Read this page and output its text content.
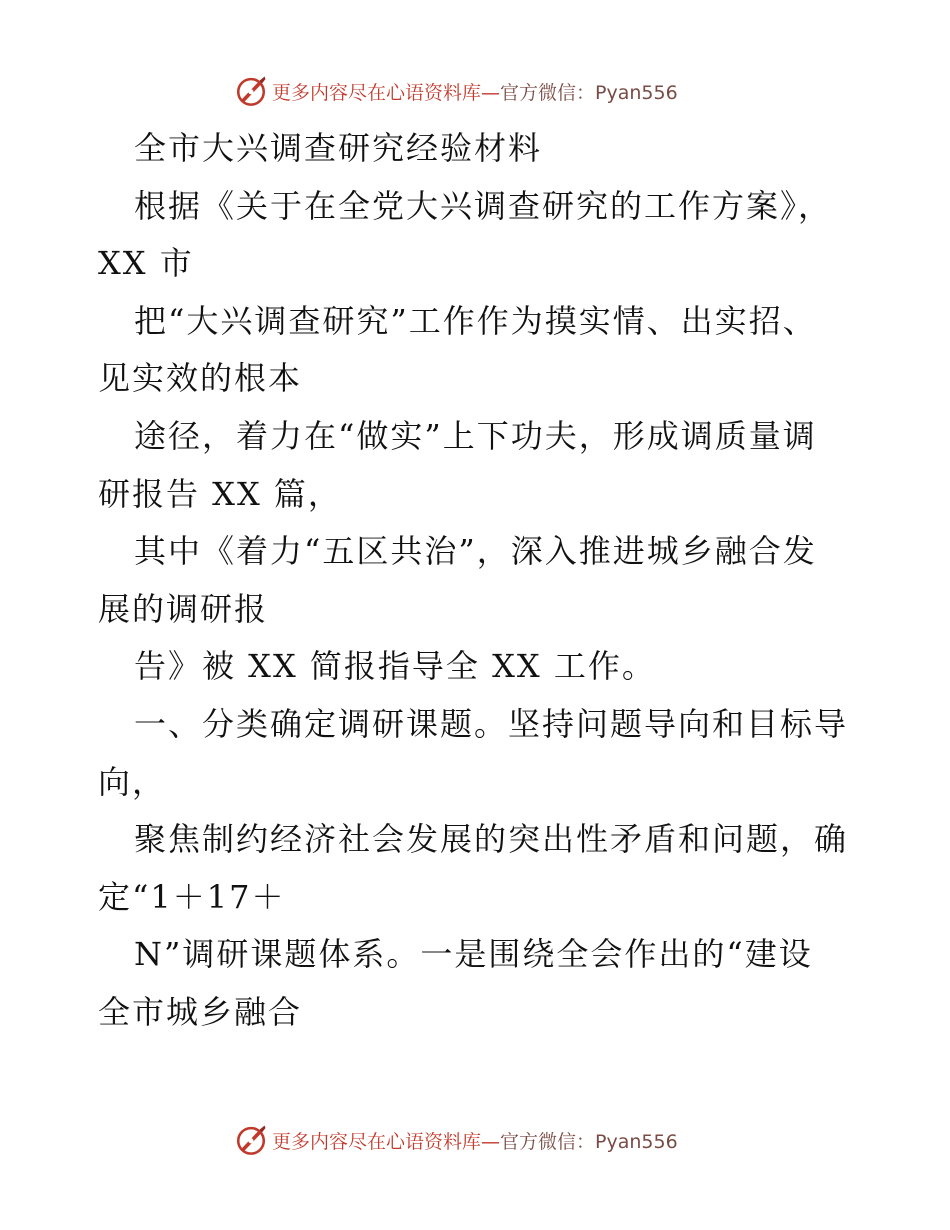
更多内容尽在心语资料库—官方微信：Pyan556
全市大兴调查研究经验材料
根据《关于在全党大兴调查研究的工作方案》，
XX 市
把“大兴调查研究”工作作为摸实情、出实招、
见实效的根本
途径，着力在“做实”上下功夫，形成调质量调
研报告 XX 篇，
其中《着力“五区共治”，深入推进城乡融合发
展的调研报
告》被 XX 简报指导全 XX 工作。
一、分类确定调研课题。坚持问题导向和目标导
向，
聚焦制约经济社会发展的突出性矛盾和问题，确
定“1＋17＋
N”调研课题体系。一是围绕全会作出的“建设
全市城乡融合
更多内容尽在心语资料库—官方微信：Pyan556
